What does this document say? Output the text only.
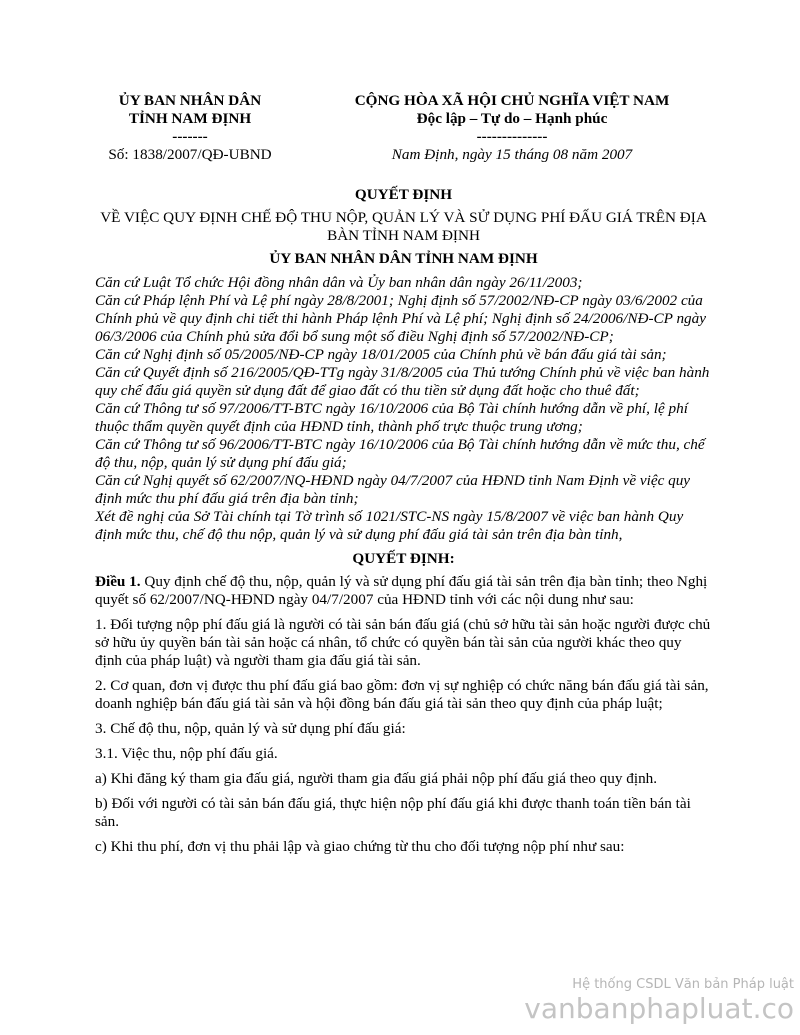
ỦY BAN NHÂN DÂN
TỈNH NAM ĐỊNH
-------
Số: 1838/2007/QĐ-UBND
CỘNG HÒA XÃ HỘI CHỦ NGHĨA VIỆT NAM
Độc lập – Tự do – Hạnh phúc
--------------
Nam Định, ngày 15 tháng 08 năm 2007
QUYẾT ĐỊNH
VỀ VIỆC QUY ĐỊNH CHẾ ĐỘ THU NỘP, QUẢN LÝ VÀ SỬ DỤNG PHÍ ĐẤU GIÁ TRÊN ĐỊA BÀN TỈNH NAM ĐỊNH
ỦY BAN NHÂN DÂN TỈNH NAM ĐỊNH
Căn cứ Luật Tổ chức Hội đồng nhân dân và Ủy ban nhân dân ngày 26/11/2003;
Căn cứ Pháp lệnh Phí và Lệ phí ngày 28/8/2001; Nghị định số 57/2002/NĐ-CP ngày 03/6/2002 của Chính phủ về quy định chi tiết thi hành Pháp lệnh Phí và Lệ phí; Nghị định số 24/2006/NĐ-CP ngày 06/3/2006 của Chính phủ sửa đổi bổ sung một số điều Nghị định số 57/2002/NĐ-CP;
Căn cứ Nghị định số 05/2005/NĐ-CP ngày 18/01/2005 của Chính phủ về bán đấu giá tài sản;
Căn cứ Quyết định số 216/2005/QĐ-TTg ngày 31/8/2005 của Thủ tướng Chính phủ về việc ban hành quy chế đấu giá quyền sử dụng đất để giao đất có thu tiền sử dụng đất hoặc cho thuê đất;
Căn cứ Thông tư số 97/2006/TT-BTC ngày 16/10/2006 của Bộ Tài chính hướng dẫn về phí, lệ phí thuộc thẩm quyền quyết định của HĐND tỉnh, thành phố trực thuộc trung ương;
Căn cứ Thông tư số 96/2006/TT-BTC ngày 16/10/2006 của Bộ Tài chính hướng dẫn về mức thu, chế độ thu, nộp, quản lý sử dụng phí đấu giá;
Căn cứ Nghị quyết số 62/2007/NQ-HĐND ngày 04/7/2007 của HĐND tỉnh Nam Định về việc quy định mức thu phí đấu giá trên địa bàn tỉnh;
Xét đề nghị của Sở Tài chính tại Tờ trình số 1021/STC-NS ngày 15/8/2007 về việc ban hành Quy định mức thu, chế độ thu nộp, quản lý và sử dụng phí đấu giá tài sản trên địa bàn tỉnh,
QUYẾT ĐỊNH:
Điều 1. Quy định chế độ thu, nộp, quản lý và sử dụng phí đấu giá tài sản trên địa bàn tỉnh; theo Nghị quyết số 62/2007/NQ-HĐND ngày 04/7/2007 của HĐND tỉnh với các nội dung như sau:
1. Đối tượng nộp phí đấu giá là người có tài sản bán đấu giá (chủ sở hữu tài sản hoặc người được chủ sở hữu ủy quyền bán tài sản hoặc cá nhân, tổ chức có quyền bán tài sản của người khác theo quy định của pháp luật) và người tham gia đấu giá tài sản.
2. Cơ quan, đơn vị được thu phí đấu giá bao gồm: đơn vị sự nghiệp có chức năng bán đấu giá tài sản, doanh nghiệp bán đấu giá tài sản và hội đồng bán đấu giá tài sản theo quy định của pháp luật;
3. Chế độ thu, nộp, quản lý và sử dụng phí đấu giá:
3.1. Việc thu, nộp phí đấu giá.
a) Khi đăng ký tham gia đấu giá, người tham gia đấu giá phải nộp phí đấu giá theo quy định.
b) Đối với người có tài sản bán đấu giá, thực hiện nộp phí đấu giá khi được thanh toán tiền bán tài sản.
c) Khi thu phí, đơn vị thu phải lập và giao chứng từ thu cho đối tượng nộp phí như sau:
Hệ thống CSDL Văn bản Pháp luật
vanbanphapluat.co
